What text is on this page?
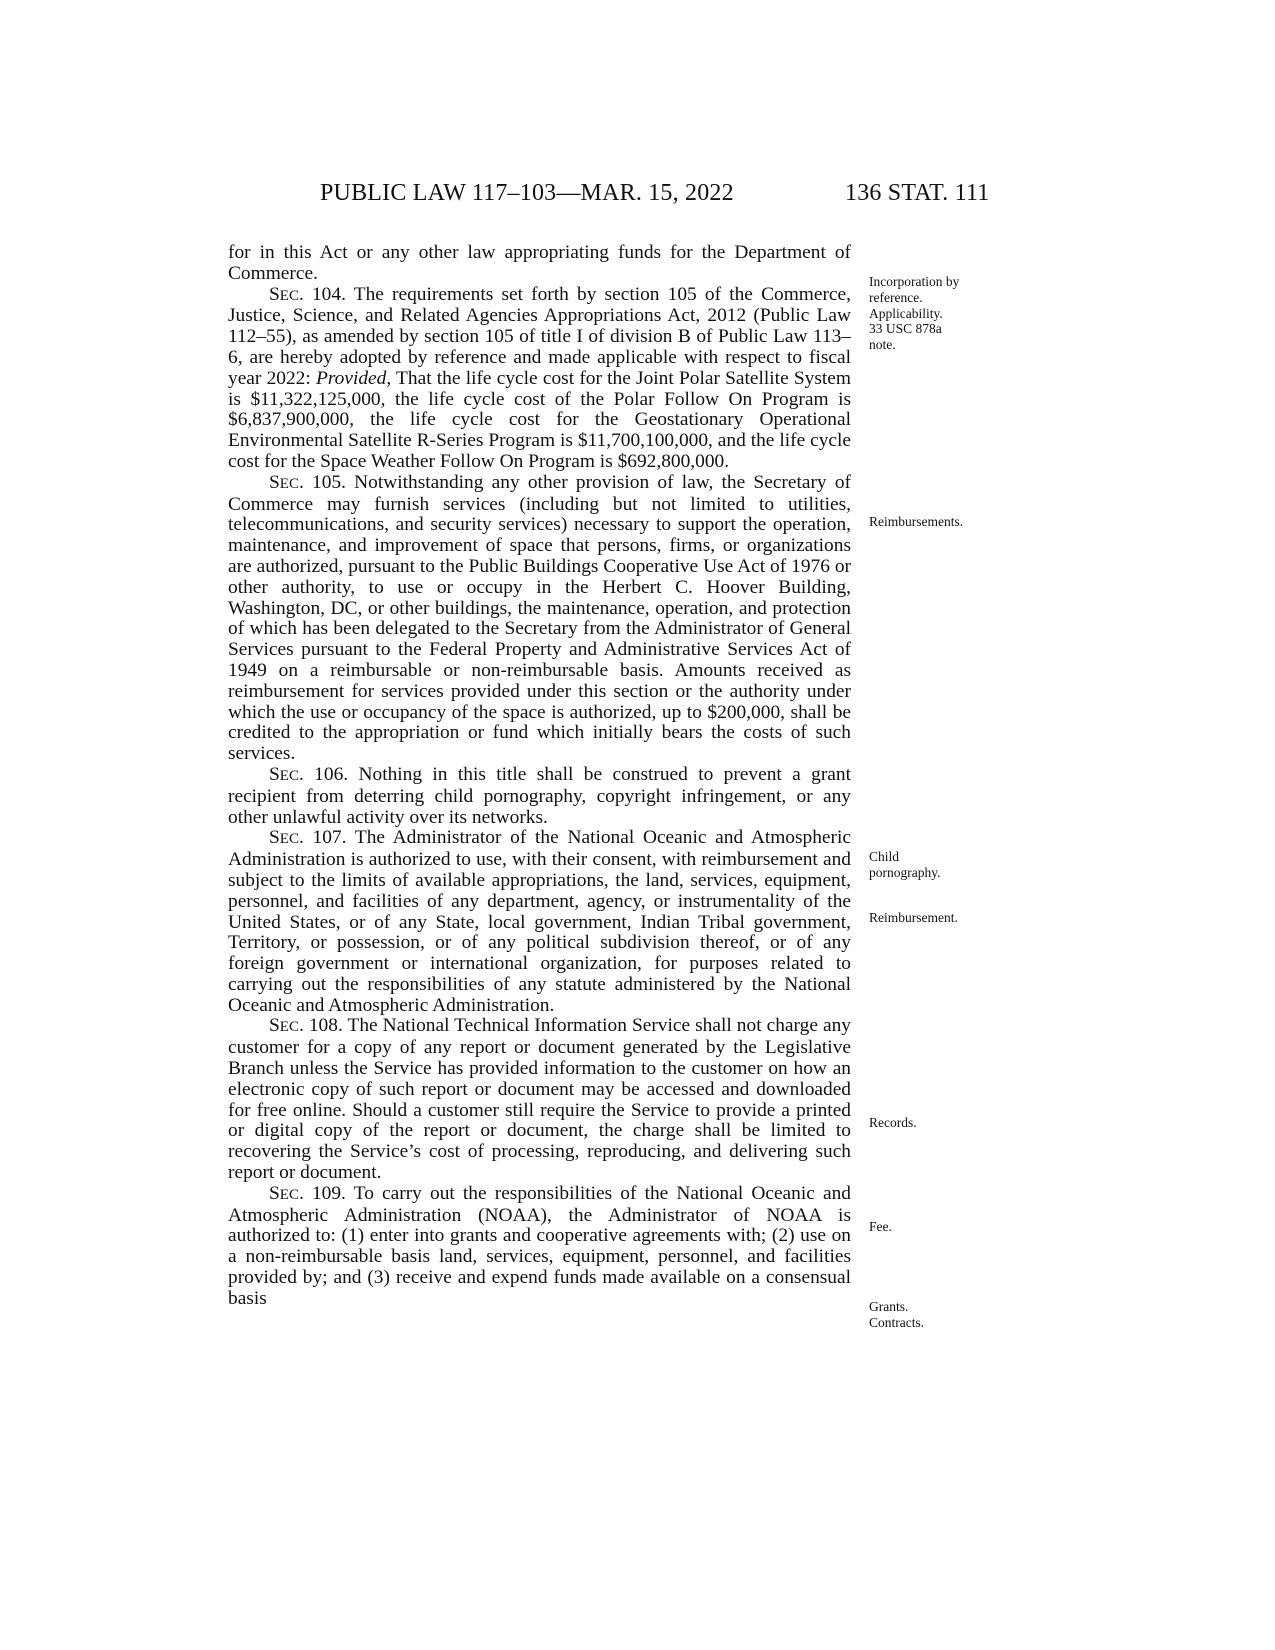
PUBLIC LAW 117–103—MAR. 15, 2022	136 STAT. 111

for in this Act or any other law appropriating funds for the Department of Commerce.

SEC. 104. The requirements set forth by section 105 of the Commerce, Justice, Science, and Related Agencies Appropriations Act, 2012 (Public Law 112–55), as amended by section 105 of title I of division B of Public Law 113–6, are hereby adopted by reference and made applicable with respect to fiscal year 2022: Provided, That the life cycle cost for the Joint Polar Satellite System is $11,322,125,000, the life cycle cost of the Polar Follow On Program is $6,837,900,000, the life cycle cost for the Geostationary Operational Environmental Satellite R-Series Program is $11,700,100,000, and the life cycle cost for the Space Weather Follow On Program is $692,800,000.

SEC. 105. Notwithstanding any other provision of law, the Secretary of Commerce may furnish services (including but not limited to utilities, telecommunications, and security services) necessary to support the operation, maintenance, and improvement of space that persons, firms, or organizations are authorized, pursuant to the Public Buildings Cooperative Use Act of 1976 or other authority, to use or occupy in the Herbert C. Hoover Building, Washington, DC, or other buildings, the maintenance, operation, and protection of which has been delegated to the Secretary from the Administrator of General Services pursuant to the Federal Property and Administrative Services Act of 1949 on a reimbursable or non-reimbursable basis. Amounts received as reimbursement for services provided under this section or the authority under which the use or occupancy of the space is authorized, up to $200,000, shall be credited to the appropriation or fund which initially bears the costs of such services.

SEC. 106. Nothing in this title shall be construed to prevent a grant recipient from deterring child pornography, copyright infringement, or any other unlawful activity over its networks.

SEC. 107. The Administrator of the National Oceanic and Atmospheric Administration is authorized to use, with their consent, with reimbursement and subject to the limits of available appropriations, the land, services, equipment, personnel, and facilities of any department, agency, or instrumentality of the United States, or of any State, local government, Indian Tribal government, Territory, or possession, or of any political subdivision thereof, or of any foreign government or international organization, for purposes related to carrying out the responsibilities of any statute administered by the National Oceanic and Atmospheric Administration.

SEC. 108. The National Technical Information Service shall not charge any customer for a copy of any report or document generated by the Legislative Branch unless the Service has provided information to the customer on how an electronic copy of such report or document may be accessed and downloaded for free online. Should a customer still require the Service to provide a printed or digital copy of the report or document, the charge shall be limited to recovering the Service’s cost of processing, reproducing, and delivering such report or document.

SEC. 109. To carry out the responsibilities of the National Oceanic and Atmospheric Administration (NOAA), the Administrator of NOAA is authorized to: (1) enter into grants and cooperative agreements with; (2) use on a non-reimbursable basis land, services, equipment, personnel, and facilities provided by; and (3) receive and expend funds made available on a consensual basis

Incorporation by
reference.
Applicability.
33 USC 878a
note.
Reimbursements.
Child
pornography.
Reimbursement.
Records.
Fee.
Grants.
Contracts.
